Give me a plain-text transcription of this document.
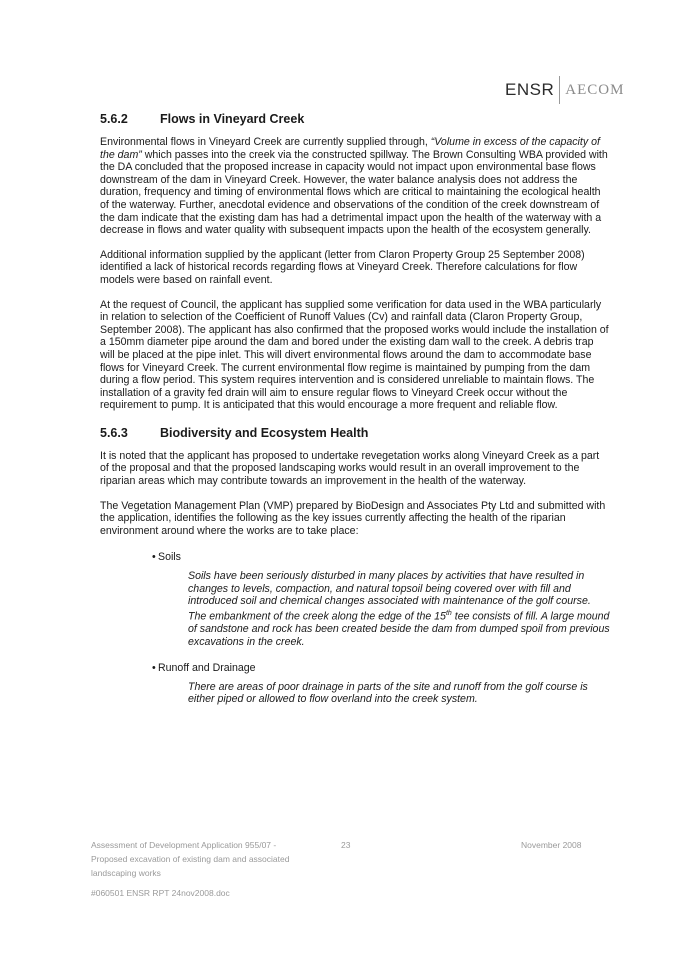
ENSR AECOM
5.6.2	Flows in Vineyard Creek

Environmental flows in Vineyard Creek are currently supplied through, “Volume in excess of the capacity of the dam” which passes into the creek via the constructed spillway. The Brown Consulting WBA provided with the DA concluded that the proposed increase in capacity would not impact upon environmental base flows downstream of the dam in Vineyard Creek. However, the water balance analysis does not address the duration, frequency and timing of environmental flows which are critical to maintaining the ecological health of the waterway. Further, anecdotal evidence and observations of the condition of the creek downstream of the dam indicate that the existing dam has had a detrimental impact upon the health of the waterway with a decrease in flows and water quality with subsequent impacts upon the health of the ecosystem generally.

Additional information supplied by the applicant (letter from Claron Property Group 25 September 2008) identified a lack of historical records regarding flows at Vineyard Creek. Therefore calculations for flow models were based on rainfall event.

At the request of Council, the applicant has supplied some verification for data used in the WBA particularly in relation to selection of the Coefficient of Runoff Values (Cv) and rainfall data (Claron Property Group, September 2008). The applicant has also confirmed that the proposed works would include the installation of a 150mm diameter pipe around the dam and bored under the existing dam wall to the creek. A debris trap will be placed at the pipe inlet. This will divert environmental flows around the dam to accommodate base flows for Vineyard Creek. The current environmental flow regime is maintained by pumping from the dam during a flow period. This system requires intervention and is considered unreliable to maintain flows. The installation of a gravity fed drain will aim to ensure regular flows to Vineyard Creek occur without the requirement to pump. It is anticipated that this would encourage a more frequent and reliable flow.

5.6.3	Biodiversity and Ecosystem Health

It is noted that the applicant has proposed to undertake revegetation works along Vineyard Creek as a part of the proposal and that the proposed landscaping works would result in an overall improvement to the riparian areas which may contribute towards an improvement in the health of the waterway.

The Vegetation Management Plan (VMP) prepared by BioDesign and Associates Pty Ltd and submitted with the application, identifies the following as the key issues currently affecting the health of the riparian environment around where the works are to take place:

• Soils
Soils have been seriously disturbed in many places by activities that have resulted in changes to levels, compaction, and natural topsoil being covered over with fill and introduced soil and chemical changes associated with maintenance of the golf course. The embankment of the creek along the edge of the 15th tee consists of fill. A large mound of sandstone and rock has been created beside the dam from dumped spoil from previous excavations in the creek.
• Runoff and Drainage
There are areas of poor drainage in parts of the site and runoff from the golf course is either piped or allowed to flow overland into the creek system.
Assessment of Development Application 955/07 -
Proposed excavation of existing dam and associated
landscaping works
23	November 2008
#060501 ENSR RPT 24nov2008.doc
